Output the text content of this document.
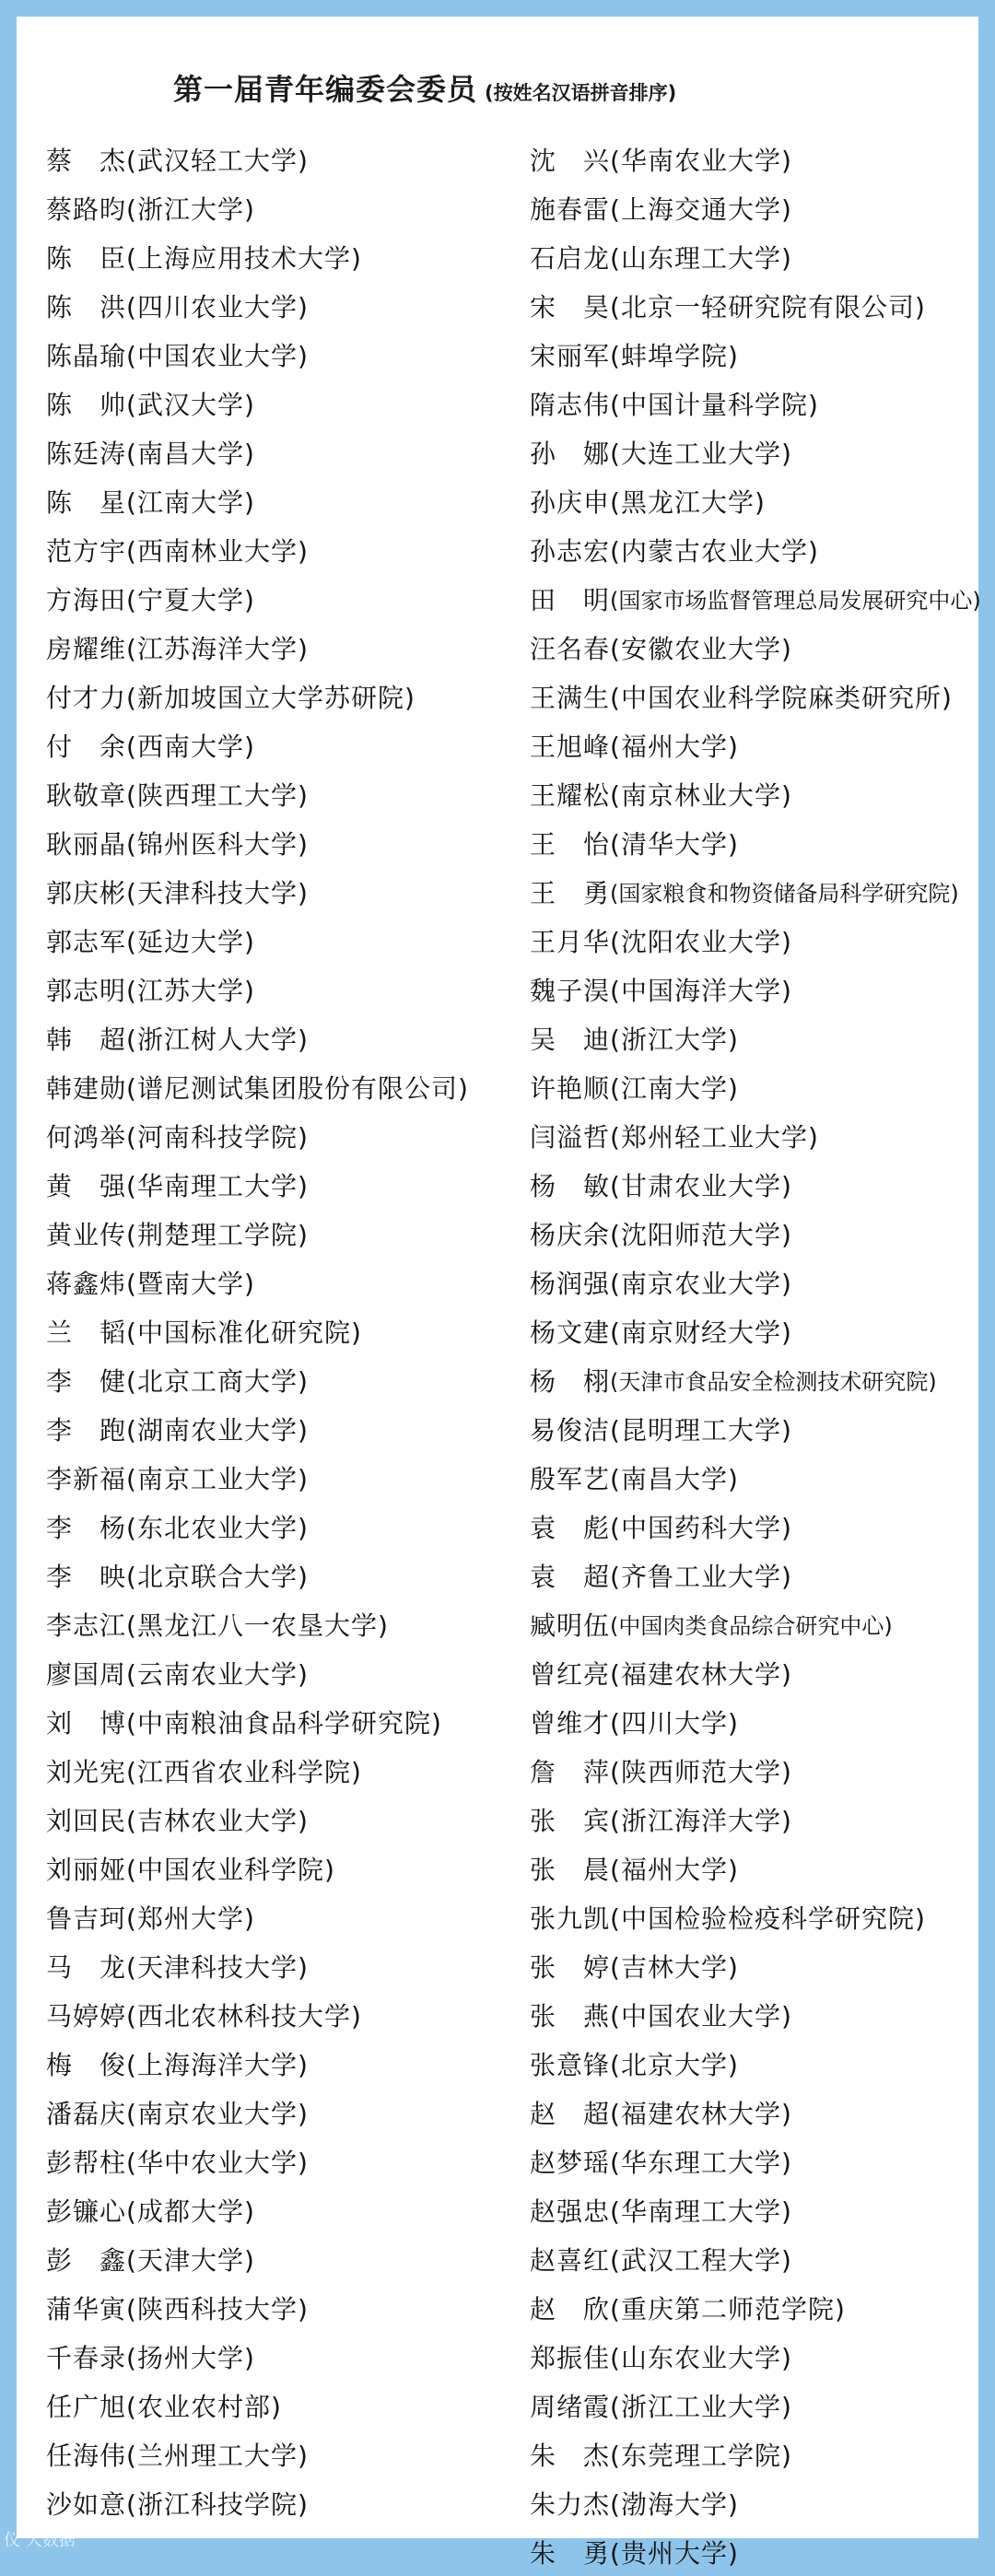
第一届青年编委会委员 (按姓名汉语拼音排序)
蔡　杰 ( 武汉轻工大学 )
蔡路昀 ( 浙江大学 )
陈　臣 ( 上海应用技术大学 )
陈　洪 ( 四川农业大学 )
陈晶瑜 ( 中国农业大学 )
陈　帅 ( 武汉大学 )
陈廷涛 ( 南昌大学 )
陈　星 ( 江南大学 )
范方宇 ( 西南林业大学 )
方海田 ( 宁夏大学 )
房耀维 ( 江苏海洋大学 )
付才力 ( 新加坡国立大学苏研院 )
付　余 ( 西南大学 )
耿敬章 ( 陕西理工大学 )
耿丽晶 ( 锦州医科大学 )
郭庆彬 ( 天津科技大学 )
郭志军 ( 延边大学 )
郭志明 ( 江苏大学 )
韩　超 ( 浙江树人大学 )
韩建勋 ( 谱尼测试集团股份有限公司 )
何鸿举 ( 河南科技学院 )
黄　强 ( 华南理工大学 )
黄业传 ( 荆楚理工学院 )
蒋鑫炜 ( 暨南大学 )
兰　韬 ( 中国标准化研究院 )
李　健 ( 北京工商大学 )
李　跑 ( 湖南农业大学 )
李新福 ( 南京工业大学 )
李　杨 ( 东北农业大学 )
李　映 ( 北京联合大学 )
李志江 ( 黑龙江八一农垦大学 )
廖国周 ( 云南农业大学 )
刘　博 ( 中南粮油食品科学研究院 )
刘光宪 ( 江西省农业科学院 )
刘回民 ( 吉林农业大学 )
刘丽娅 ( 中国农业科学院 )
鲁吉珂 ( 郑州大学 )
马　龙 ( 天津科技大学 )
马婷婷 ( 西北农林科技大学 )
梅　俊 ( 上海海洋大学 )
潘磊庆 ( 南京农业大学 )
彭帮柱 ( 华中农业大学 )
彭镰心 ( 成都大学 )
彭　鑫 ( 天津大学 )
蒲华寅 ( 陕西科技大学 )
千春录 ( 扬州大学 )
任广旭 ( 农业农村部 )
任海伟 ( 兰州理工大学 )
沙如意 ( 浙江科技学院 )
沈　兴 ( 华南农业大学 )
施春雷 ( 上海交通大学 )
石启龙 ( 山东理工大学 )
宋　昊 ( 北京一轻研究院有限公司 )
宋丽军 ( 蚌埠学院 )
隋志伟 ( 中国计量科学院 )
孙　娜 ( 大连工业大学 )
孙庆申 ( 黑龙江大学 )
孙志宏 ( 内蒙古农业大学 )
田　明 ( 国家市场监督管理总局发展研究中心 )
汪名春 ( 安徽农业大学 )
王满生 ( 中国农业科学院麻类研究所 )
王旭峰 ( 福州大学 )
王耀松 ( 南京林业大学 )
王　怡 ( 清华大学 )
王　勇 ( 国家粮食和物资储备局科学研究院 )
王月华 ( 沈阳农业大学 )
魏子淏 ( 中国海洋大学 )
吴　迪 ( 浙江大学 )
许艳顺 ( 江南大学 )
闫溢哲 ( 郑州轻工业大学 )
杨　敏 ( 甘肃农业大学 )
杨庆余 ( 沈阳师范大学 )
杨润强 ( 南京农业大学 )
杨文建 ( 南京财经大学 )
杨　栩 ( 天津市食品安全检测技术研究院 )
易俊洁 ( 昆明理工大学 )
殷军艺 ( 南昌大学 )
袁　彪 ( 中国药科大学 )
袁　超 ( 齐鲁工业大学 )
臧明伍 ( 中国肉类食品综合研究中心 )
曾红亮 ( 福建农林大学 )
曾维才 ( 四川大学 )
詹　萍 ( 陕西师范大学 )
张　宾 ( 浙江海洋大学 )
张　晨 ( 福州大学 )
张九凯 ( 中国检验检疫科学研究院 )
张　婷 ( 吉林大学 )
张　燕 ( 中国农业大学 )
张意锋 ( 北京大学 )
赵　超 ( 福建农林大学 )
赵梦瑶 ( 华东理工大学 )
赵强忠 ( 华南理工大学 )
赵喜红 ( 武汉工程大学 )
赵　欣 ( 重庆第二师范学院 )
郑振佳 ( 山东农业大学 )
周绪霞 ( 浙江工业大学 )
朱　杰 ( 东莞理工学院 )
朱力杰 ( 渤海大学 )
朱　勇 ( 贵州大学 )
仪 大数据
